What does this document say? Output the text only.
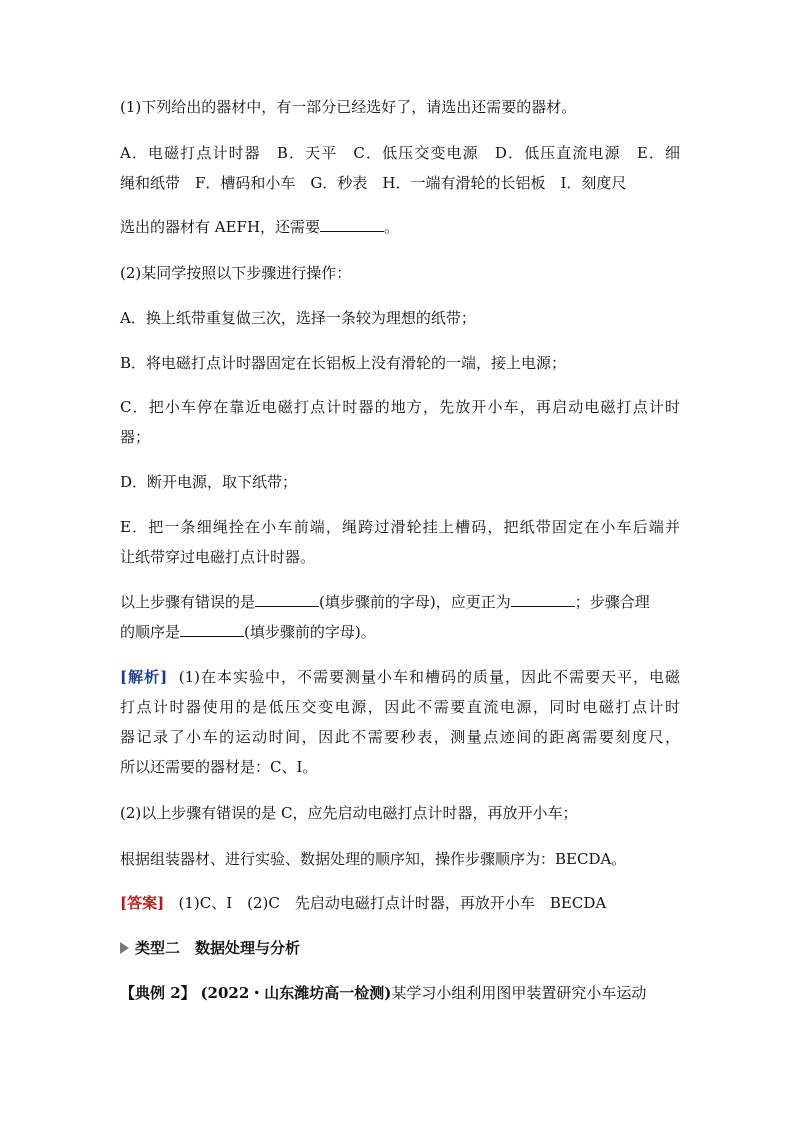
(1)下列给出的器材中，有一部分已经选好了，请选出还需要的器材。
A．电磁打点计时器　B．天平　C．低压交变电源　D．低压直流电源　E．细
绳和纸带　F．槽码和小车　G．秒表　H．一端有滑轮的长铝板　I．刻度尺
选出的器材有 AEFH，还需要	。
(2)某同学按照以下步骤进行操作：
A．换上纸带重复做三次，选择一条较为理想的纸带；
B．将电磁打点计时器固定在长铝板上没有滑轮的一端，接上电源；
C．把小车停在靠近电磁打点计时器的地方，先放开小车，再启动电磁打点计时
器；
D．断开电源，取下纸带；
E．把一条细绳拴在小车前端，绳跨过滑轮挂上槽码，把纸带固定在小车后端并
让纸带穿过电磁打点计时器。
以上步骤有错误的是	(填步骤前的字母)，应更正为	；步骤合理
的顺序是	(填步骤前的字母)。
[解析] (1)在本实验中，不需要测量小车和槽码的质量，因此不需要天平，电磁
打点计时器使用的是低压交变电源，因此不需要直流电源，同时电磁打点计时
器记录了小车的运动时间，因此不需要秒表，测量点迹间的距离需要刻度尺，
所以还需要的器材是：C、I。
(2)以上步骤有错误的是 C，应先启动电磁打点计时器，再放开小车；
根据组装器材、进行实验、数据处理的顺序知，操作步骤顺序为：BECDA。
[答案] (1)C、I　(2)C　先启动电磁打点计时器，再放开小车　BECDA
类型二　数据处理与分析
【典例 2】 (2022・山东潍坊高一检测)某学习小组利用图甲装置研究小车运动
